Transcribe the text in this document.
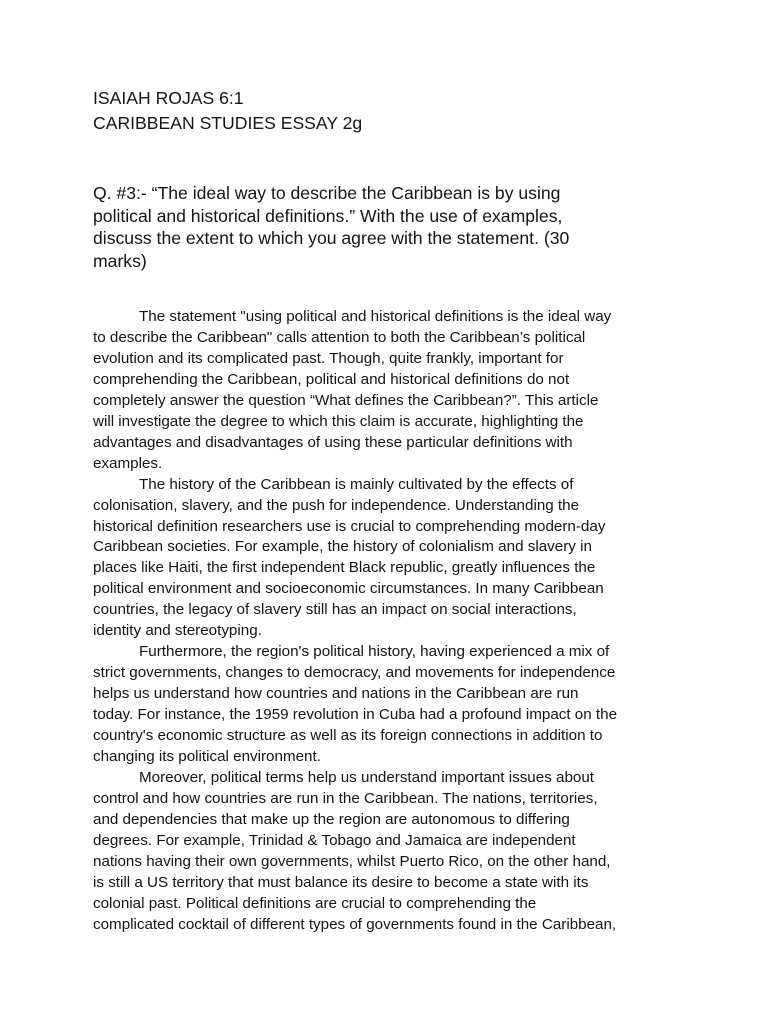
ISAIAH ROJAS 6:1
CARIBBEAN STUDIES ESSAY 2g
Q. #3:- “The ideal way to describe the Caribbean is by using
political and historical definitions.” With the use of examples,
discuss the extent to which you agree with the statement. (30
marks)
The statement "using political and historical definitions is the ideal way
to describe the Caribbean" calls attention to both the Caribbean’s political
evolution and its complicated past. Though, quite frankly, important for
comprehending the Caribbean, political and historical definitions do not
completely answer the question “What defines the Caribbean?”. This article
will investigate the degree to which this claim is accurate, highlighting the
advantages and disadvantages of using these particular definitions with
examples.
The history of the Caribbean is mainly cultivated by the effects of
colonisation, slavery, and the push for independence. Understanding the
historical definition researchers use is crucial to comprehending modern-day
Caribbean societies. For example, the history of colonialism and slavery in
places like Haiti, the first independent Black republic, greatly influences the
political environment and socioeconomic circumstances. In many Caribbean
countries, the legacy of slavery still has an impact on social interactions,
identity and stereotyping.
Furthermore, the region's political history, having experienced a mix of
strict governments, changes to democracy, and movements for independence
helps us understand how countries and nations in the Caribbean are run
today. For instance, the 1959 revolution in Cuba had a profound impact on the
country's economic structure as well as its foreign connections in addition to
changing its political environment.
Moreover, political terms help us understand important issues about
control and how countries are run in the Caribbean. The nations, territories,
and dependencies that make up the region are autonomous to differing
degrees. For example, Trinidad & Tobago and Jamaica are independent
nations having their own governments, whilst Puerto Rico, on the other hand,
is still a US territory that must balance its desire to become a state with its
colonial past. Political definitions are crucial to comprehending the
complicated cocktail of different types of governments found in the Caribbean,
